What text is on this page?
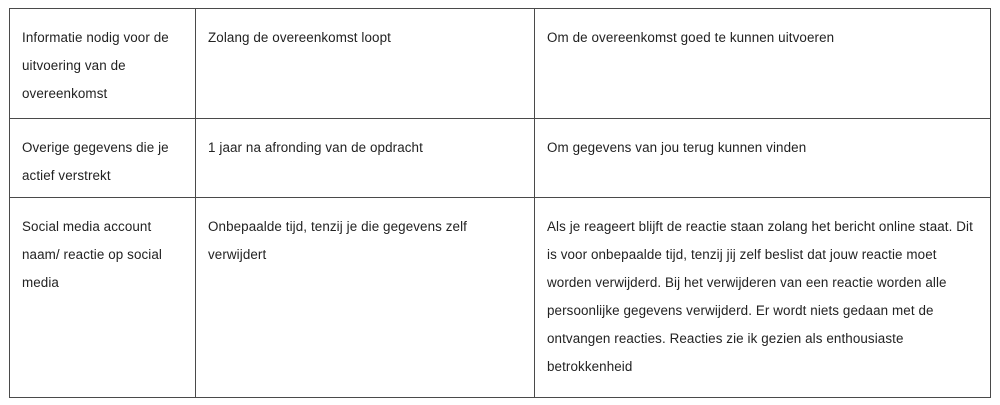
Informatie nodig voor de uitvoering van de overeenkomst	Zolang de overeenkomst loopt	Om de overeenkomst goed te kunnen uitvoeren

Overige gegevens die je actief verstrekt	1 jaar na afronding van de opdracht	Om gegevens van jou terug kunnen vinden

Social media account naam/ reactie op social media	Onbepaalde tijd, tenzij je die gegevens zelf verwijdert	Als je reageert blijft de reactie staan zolang het bericht online staat. Dit is voor onbepaalde tijd, tenzij jij zelf beslist dat jouw reactie moet worden verwijderd. Bij het verwijderen van een reactie worden alle persoonlijke gegevens verwijderd. Er wordt niets gedaan met de ontvangen reacties. Reacties zie ik gezien als enthousiaste betrokkenheid
